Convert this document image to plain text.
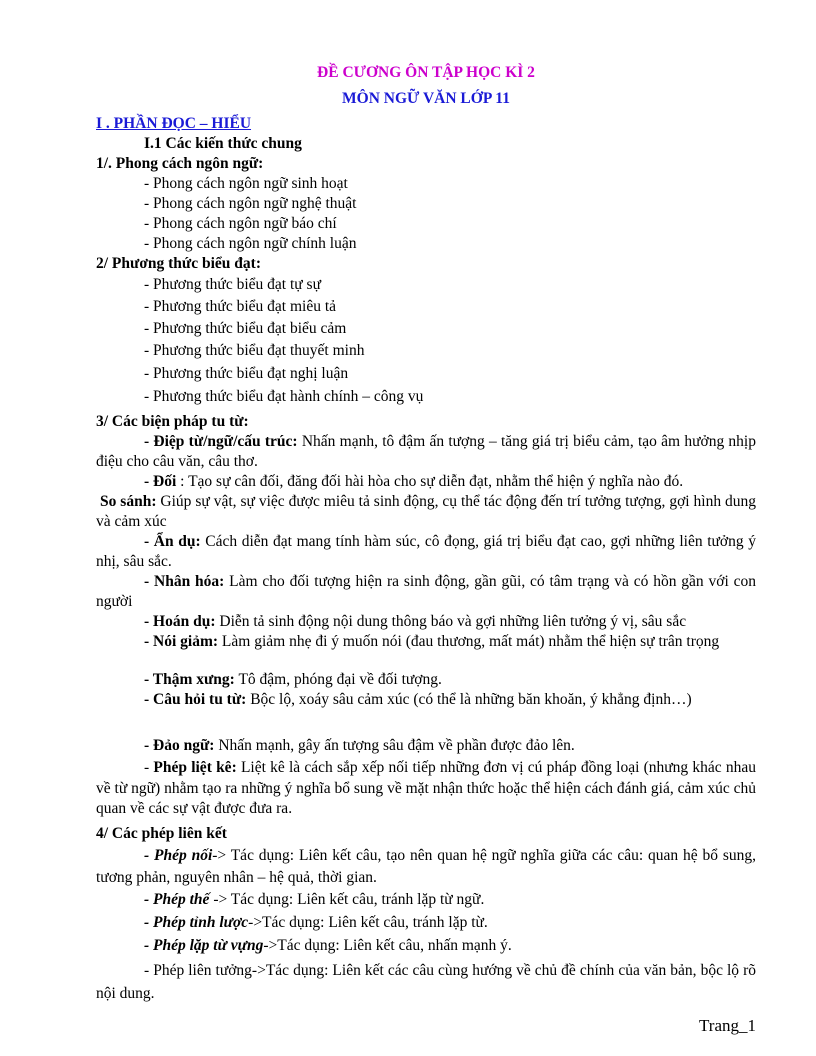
ĐỀ CƯƠNG ÔN TẬP HỌC KÌ 2
MÔN NGỮ VĂN LỚP 11
I . PHẦN ĐỌC – HIỂU
I.1 Các kiến thức chung
1/. Phong cách ngôn ngữ:
- Phong cách ngôn ngữ sinh hoạt
- Phong cách ngôn ngữ nghệ thuật
- Phong cách ngôn ngữ báo chí
- Phong cách ngôn ngữ chính luận
2/ Phương thức biểu đạt:
- Phương thức biểu đạt tự sự
- Phương thức biểu đạt miêu tả
- Phương thức biểu đạt biểu cảm
- Phương thức biểu đạt thuyết minh
- Phương thức biểu đạt nghị luận
- Phương thức biểu đạt hành chính – công vụ
3/ Các biện pháp tu từ:
- Điệp từ/ngữ/cấu trúc: Nhấn mạnh, tô đậm ấn tượng – tăng giá trị biểu cảm, tạo âm hưởng nhịp điệu cho câu văn, câu thơ.
- Đối : Tạo sự cân đối, đăng đối hài hòa cho sự diễn đạt, nhằm thể hiện ý nghĩa nào đó.
So sánh: Giúp sự vật, sự việc được miêu tả sinh động, cụ thể tác động đến trí tưởng tượng, gợi hình dung và cảm xúc
- Ẩn dụ: Cách diễn đạt mang tính hàm súc, cô đọng, giá trị biểu đạt cao, gợi những liên tưởng ý nhị, sâu sắc.
- Nhân hóa: Làm cho đối tượng hiện ra sinh động, gần gũi, có tâm trạng và có hồn gần với con người
- Hoán dụ: Diễn tả sinh động nội dung thông báo và gợi những liên tưởng ý vị, sâu sắc
- Nói giảm: Làm giảm nhẹ đi ý muốn nói (đau thương, mất mát) nhằm thể hiện sự trân trọng
- Thậm xưng: Tô đậm, phóng đại về đối tượng.
- Câu hỏi tu từ: Bộc lộ, xoáy sâu cảm xúc (có thể là những băn khoăn, ý khẳng định…)
- Đảo ngữ: Nhấn mạnh, gây ấn tượng sâu đậm về phần được đảo lên.
- Phép liệt kê: Liệt kê là cách sắp xếp nối tiếp những đơn vị cú pháp đồng loại (nhưng khác nhau về từ ngữ) nhằm tạo ra những ý nghĩa bổ sung về mặt nhận thức hoặc thể hiện cách đánh giá, cảm xúc chủ quan về các sự vật được đưa ra.
4/ Các phép liên kết
- Phép nối-> Tác dụng: Liên kết câu, tạo nên quan hệ ngữ nghĩa giữa các câu: quan hệ bổ sung, tương phản, nguyên nhân – hệ quả, thời gian.
- Phép thế -> Tác dụng: Liên kết câu, tránh lặp từ ngữ.
- Phép tỉnh lược->Tác dụng: Liên kết câu, tránh lặp từ.
- Phép lặp từ vựng->Tác dụng: Liên kết câu, nhấn mạnh ý.
- Phép liên tưởng->Tác dụng: Liên kết các câu cùng hướng về chủ đề chính của văn bản, bộc lộ rõ nội dung.
Trang_1
